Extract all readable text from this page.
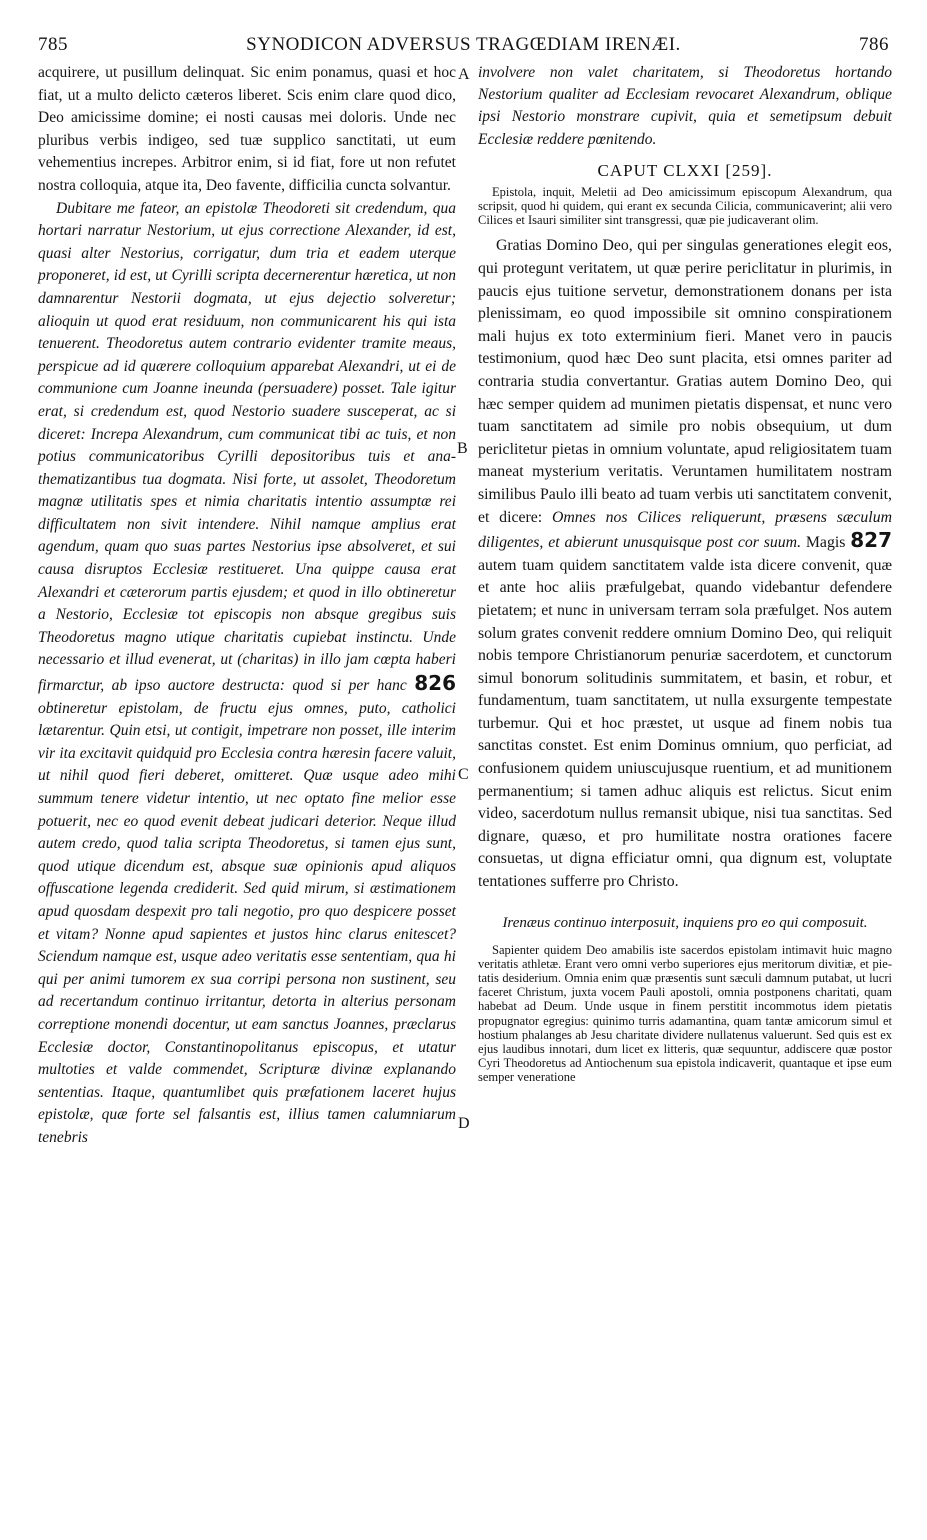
785	SYNODICON ADVERSUS TRAGŒDIAM IRENÆI.	786
A
B
C
D

acquirere, ut pusillum delinquat. Sic enim ponamus, quasi et hoc fiat, ut a multo delicto cæteros liberet. Scis enim clare quod dico, Deo amicissime domine; ei nosti causas mei doloris. Unde nec pluribus verbis indigeo, sed tuæ supplico sanctitati, ut eum vehementius increpes. Arbitror enim, si id fiat, fore ut non refutet nostra colloquia, atque ita, Deo favente, difficilia cuncta solvantur.

Dubitare me fateor, an epistolæ Theodoreti sit credendum, qua hortari narratur Nestorium, ut ejus correctione Alexander, id est, quasi alter Nestorius, corrigatur, dum tria et eadem uterque proponeret, id est, ut Cyrilli scripta decernerentur hæretica, ut non damnarentur Nestorii dogmata, ut ejus dejectio solveretur; alioquin ut quod erat residuum, non communicarent his qui ista tenuerent. Theodoretus autem contrario evidenter tramite meaus, perspicue ad id quærere colloquium apparebat Alexandri, ut ei de communione cum Joanne ineunda (persuadere) posset. Tale igitur erat, si credendum est, quod Nestorio suadere susceperat, ac si diceret: Increpa Alexandrum, cum communicat tibi ac tuis, et non potius communicatoribus Cyrilli depositoribus tuis et anathematizantibus tua dogmata. Nisi forte, ut assolet, Theodoretum magnæ utilitatis spes et nimia charitatis intentio assumptæ rei difficultatem non sivit intendere. Nihil namque amplius erat agendum, quam quo suas partes Nestorius ipse absolveret, et sui causa disruptos Ecclesiæ restitueret. Una quippe causa erat Alexandri et cæterorum partis ejusdem; et quod in illo obtineretur a Nestorio, Ecclesiæ tot episcopis non absque gregibus suis Theodoretus magno utique charitatis cupiebat instinctu. Unde necessario et illud evenerat, ut (charitas) in illo jam cœpta haberi firmarctur, ab ipso auctore destructa: quod si per hanc 826 obtineretur epistolam, de fructu ejus omnes, puto, catholici lætarentur. Quin etsi, ut contigit, impetrare non posset, ille interim vir ita excitavit quidquid pro Ecclesia contra hæresin facere valuit, ut nihil quod fieri deberet, omitteret. Quæ usque adeo mihi summum tenere videtur intentio, ut nec optato fine melior esse potuerit, nec eo quod evenit debeat judicari deterior. Neque illud autem credo, quod talia scripta Theodoretus, si tamen ejus sunt, quod utique dicendum est, absque suæ opinionis apud aliquos offuscatione legenda crediderit. Sed quid mirum, si æstimationem apud quosdam despexit pro tali negotio, pro quo despicere posset et vitam? Nonne apud sapientes et justos hinc clarus enitescet? Sciendum namque est, usque adeo veritatis esse sententiam, qua hi qui per animi tumorem ex sua corripi persona non sustinent, seu ad recertandum continuo irritantur, detorta in alterius personam correptione monendi docentur, ut eam sanctus Joannes, præclarus Ecclesiæ doctor, Constantinopolitanus episcopus, et utatur multoties et valde commendet, Scripturæ divinæ explanando sententias. Itaque, quantumlibet quis præfationem laceret hujus epistolæ, quæ forte sel falsantis est, illius tamen calumniarum tenebris

involvere non valet charitatem, si Theodoretus hortando Nestorium qualiter ad Ecclesiam revocaret Alexandrum, oblique ipsi Nestorio monstrare cupivit, quia et semetipsum debuit Ecclesiæ reddere pœnitendo.

CAPUT CLXXI [259].

Epistola, inquit, Meletii ad Deo amicissimum episcopum Alexandrum, qua scripsit, quod hi quidem, qui erant ex secunda Cilicia, communicaverint; alii vero Cilices et Isauri similiter sint transgressi, quæ pie judicaverant olim.

Gratias Domino Deo, qui per singulas generationes elegit eos, qui protegunt veritatem, ut quæ perire periclitatur in plurimis, in paucis ejus tuitione servetur, demonstrationem donans per ista plenissimam, eo quod impossibile sit omnino conspirationem mali hujus ex toto exterminium fieri. Manet vero in paucis testimonium, quod hæc Deo sunt placita, etsi omnes pariter ad contraria studia convertantur. Gratias autem Domino Deo, qui hæc semper quidem ad munimen pietatis dispensat, et nunc vero tuam sanctitatem ad simile pro nobis obsequium, ut dum periclitetur pietas in omnium voluntate, apud religiositatem tuam maneat mysterium veritatis. Veruntamen humilitatem nostram similibus Paulo illi beato ad tuam verbis uti sanctitatem convenit, et dicere: Omnes nos Cilices reliquerunt, præsens sæculum diligentes, et abierunt unusquisque post cor suum. Magis 827 autem tuam quidem sanctitatem valde ista dicere convenit, quæ et ante hoc aliis præfulgebat, quando videbantur defendere pietatem; et nunc in universam terram sola præfulget. Nos autem solum grates convenit reddere omnium Domino Deo, qui reliquit nobis tempore Christianorum penuriæ sacerdotem, et cunctorum simul bonorum solitudinis summitatem, et basin, et robur, et fundamentum, tuam sanctitatem, ut nulla exsurgente tempestate turbemur. Qui et hoc præstet, ut usque ad finem nobis tua sanctitas constet. Est enim Dominus omnium, quo perficiat, ad confusionem quidem uniuscujusque ruentium, et ad munitionem permanentium; si tamen adhuc aliquis est relictus. Sicut enim video, sacerdotum nullus remansit ubique, nisi tua sanctitas. Sed dignare, quæso, et pro humilitate nostra orationes facere consuetas, ut digna efficiatur omni, qua dignum est, voluptate tentationes sufferre pro Christo.

Irenæus continuo interposuit, inquiens pro eo qui composuit.

Sapienter quidem Deo amabilis iste sacerdos epistolam intimavit huic magno veritatis athletæ. Erant vero omni verbo superiores ejus meritorum divitiæ, et pietatis desiderium. Omnia enim quæ præsentis sunt sæculi damnum putabat, ut lucri faceret Christum, juxta vocem Pauli apostoli, omnia postponens charitati, quam habebat ad Deum. Unde usque in finem perstitit incommotus idem pietatis propugnator egregius: quinimo turris adamantina, quam tantæ amicorum simul et hostium phalanges ab Jesu charitate dividere nullatenus valuerunt. Sed quis est ex ejus laudibus innotari, dum licet ex litteris, quæ sequuntur, addiscere quæ postor Cyri Theodoretus ad Antiochenum sua epistola indicaverit, quantaque et ipse eum semper veneratione
